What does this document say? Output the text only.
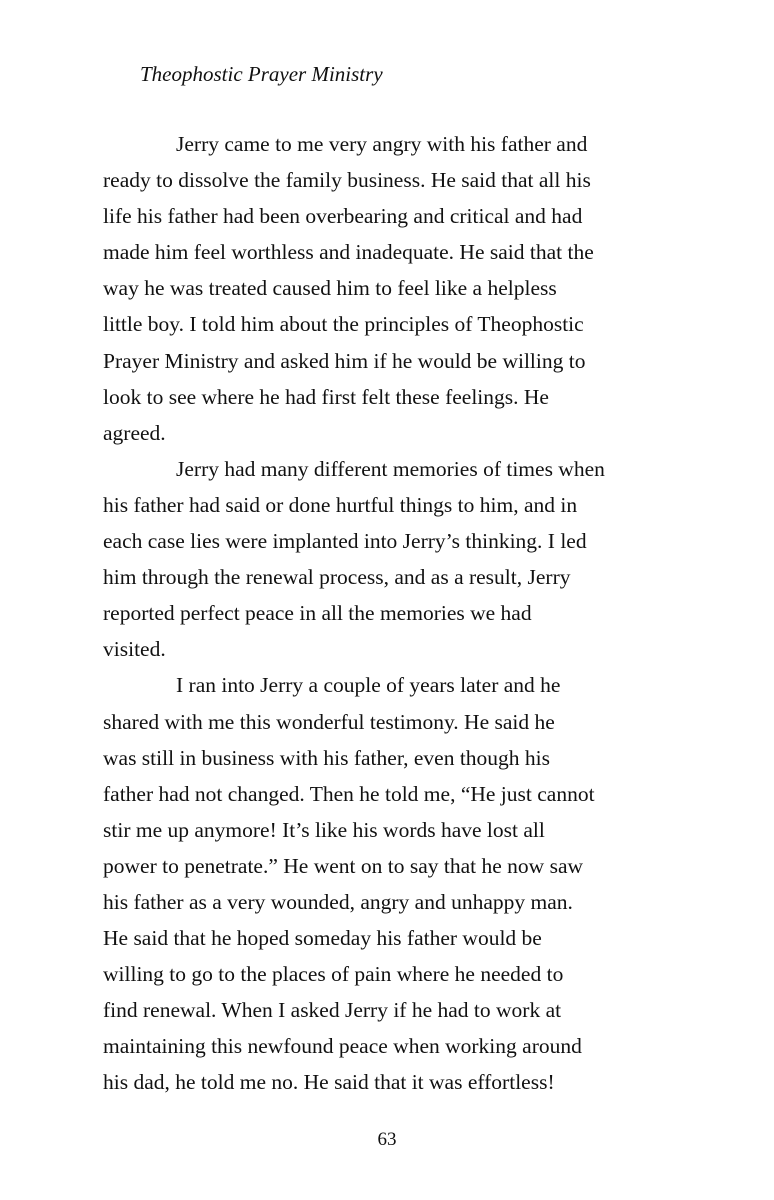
Theophostic Prayer Ministry
Jerry came to me very angry with his father and
ready to dissolve the family business. He said that all his
life his father had been overbearing and critical and had
made him feel worthless and inadequate. He said that the
way he was treated caused him to feel like a helpless
little boy. I told him about the principles of Theophostic
Prayer Ministry and asked him if he would be willing to
look to see where he had first felt these feelings. He
agreed.
Jerry had many different memories of times when
his father had said or done hurtful things to him, and in
each case lies were implanted into Jerry’s thinking. I led
him through the renewal process, and as a result, Jerry
reported perfect peace in all the memories we had
visited.
I ran into Jerry a couple of years later and he
shared with me this wonderful testimony. He said he
was still in business with his father, even though his
father had not changed. Then he told me, “He just cannot
stir me up anymore! It’s like his words have lost all
power to penetrate.” He went on to say that he now saw
his father as a very wounded, angry and unhappy man.
He said that he hoped someday his father would be
willing to go to the places of pain where he needed to
find renewal. When I asked Jerry if he had to work at
maintaining this newfound peace when working around
his dad, he told me no. He said that it was effortless!
63
